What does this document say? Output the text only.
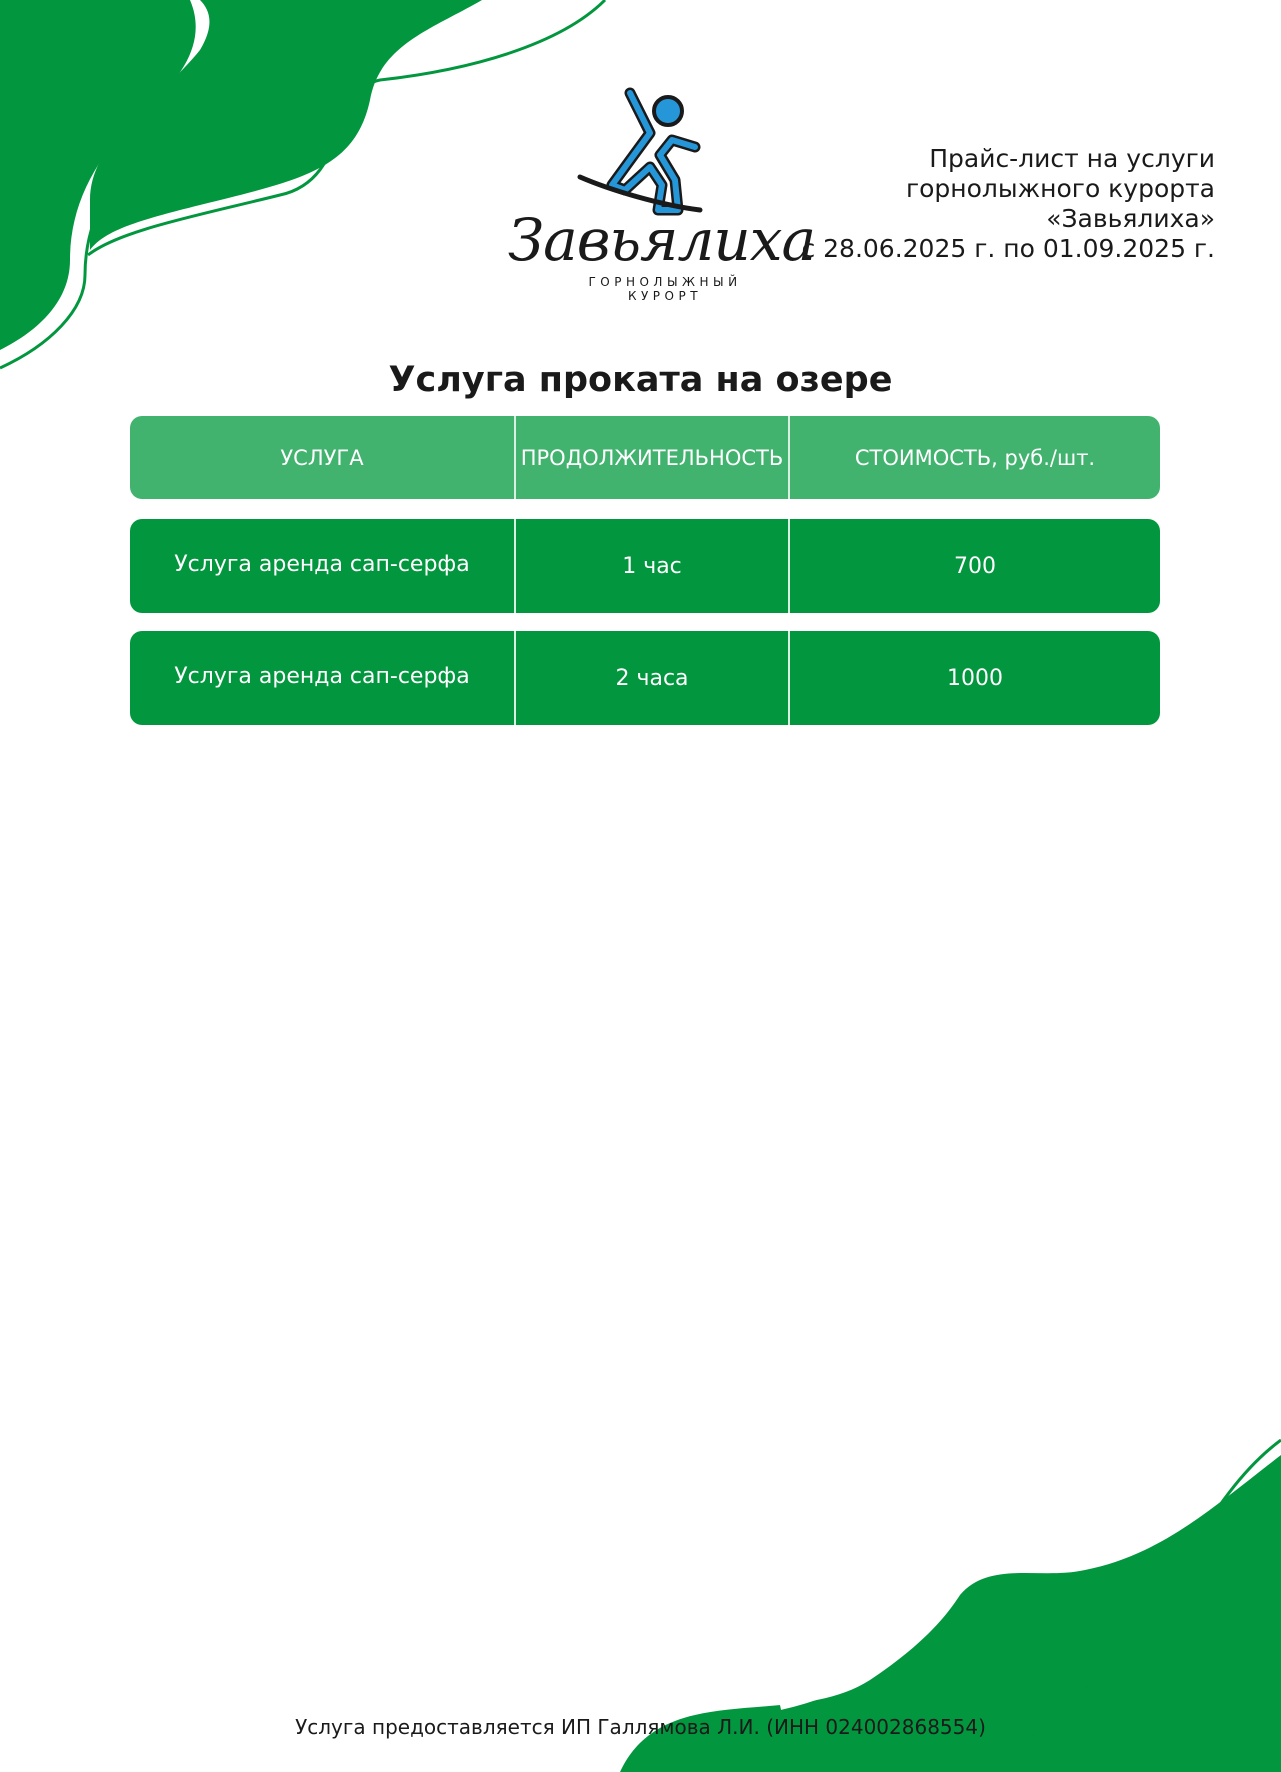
Завьялиха
ГОРНОЛЫЖНЫЙ КУРОРТ
Прайс-лист на услуги
горнолыжного курорта
«Завьялиха»
с 28.06.2025 г. по 01.09.2025 г.
Услуга проката на озере
УСЛУГА	ПРОДОЛЖИТЕЛЬНОСТЬ	СТОИМОСТЬ, руб./шт.
Услуга аренда сап-серфа	1 час	700
Услуга аренда сап-серфа	2 часа	1000
Услуга предоставляется ИП Галлямова Л.И. (ИНН 024002868554)
